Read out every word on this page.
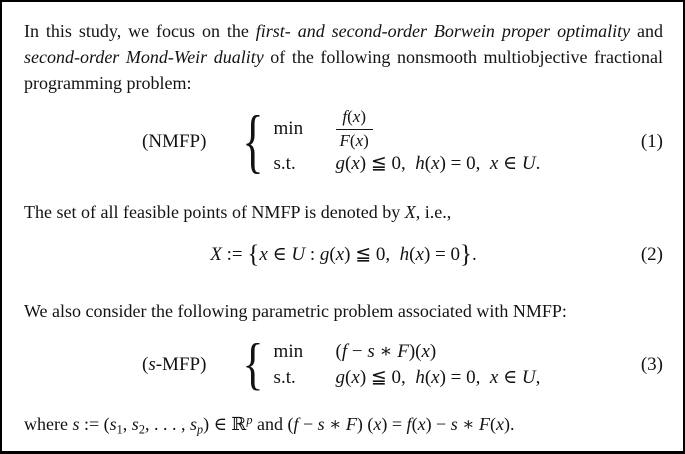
In this study, we focus on the first- and second-order Borwein proper optimality and second-order Mond-Weir duality of the following nonsmooth multiobjective fractional programming problem:

(NMFP) { min	$\frac{f(x)}{F(x)}$
s.t.	g(x) ≦ 0, h(x) = 0, x ∈ U.
(1)

The set of all feasible points of NMFP is denoted by X, i.e.,

X := {x ∈ U : g(x) ≦ 0, h(x) = 0}.	(2)

We also consider the following parametric problem associated with NMFP:

(s-MFP) { min	(f − s ∗ F)(x)
s.t.	g(x) ≦ 0, h(x) = 0, x ∈ U,
(3)

where s := ($s_1$, $s_2$, . . . , $s_p$) ∈ ℝ$^p$ and (f − s ∗ F) (x) = f(x) − s ∗ F(x).
